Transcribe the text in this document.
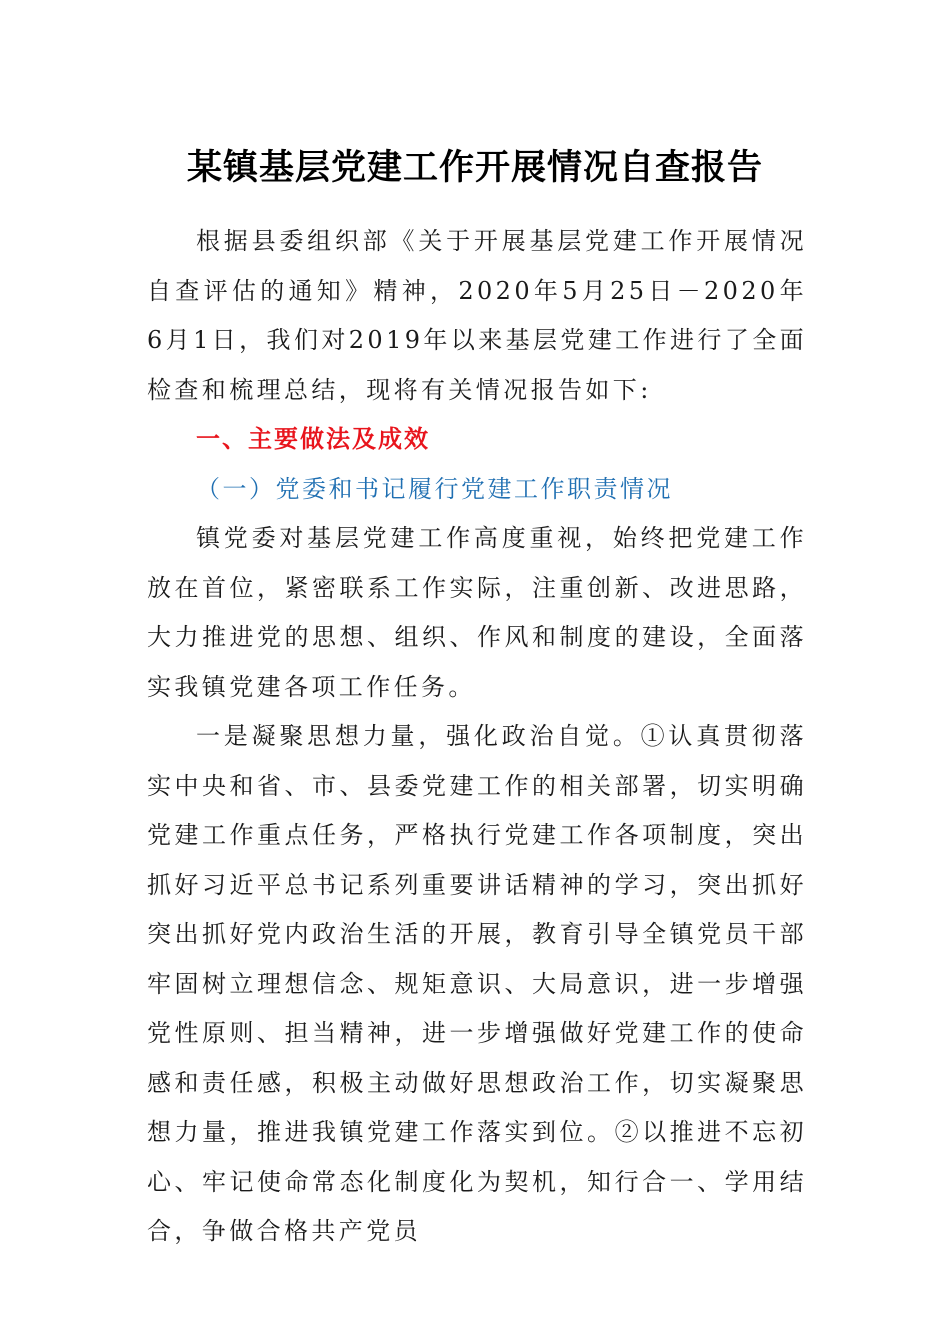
某镇基层党建工作开展情况自查报告

根据县委组织部《关于开展基层党建工作开展情况自查评估的通知》精神，2020年5月25日－2020年6月1日，我们对2019年以来基层党建工作进行了全面检查和梳理总结，现将有关情况报告如下:

一、主要做法及成效

（一）党委和书记履行党建工作职责情况

镇党委对基层党建工作高度重视，始终把党建工作放在首位，紧密联系工作实际，注重创新、改进思路，大力推进党的思想、组织、作风和制度的建设，全面落实我镇党建各项工作任务。

一是凝聚思想力量，强化政治自觉。①认真贯彻落实中央和省、市、县委党建工作的相关部署，切实明确党建工作重点任务，严格执行党建工作各项制度，突出抓好习近平总书记系列重要讲话精神的学习，突出抓好突出抓好党内政治生活的开展，教育引导全镇党员干部牢固树立理想信念、规矩意识、大局意识，进一步增强党性原则、担当精神，进一步增强做好党建工作的使命感和责任感，积极主动做好思想政治工作，切实凝聚思想力量，推进我镇党建工作落实到位。②以推进不忘初心、牢记使命常态化制度化为契机，知行合一、学用结合，争做合格共产党员
